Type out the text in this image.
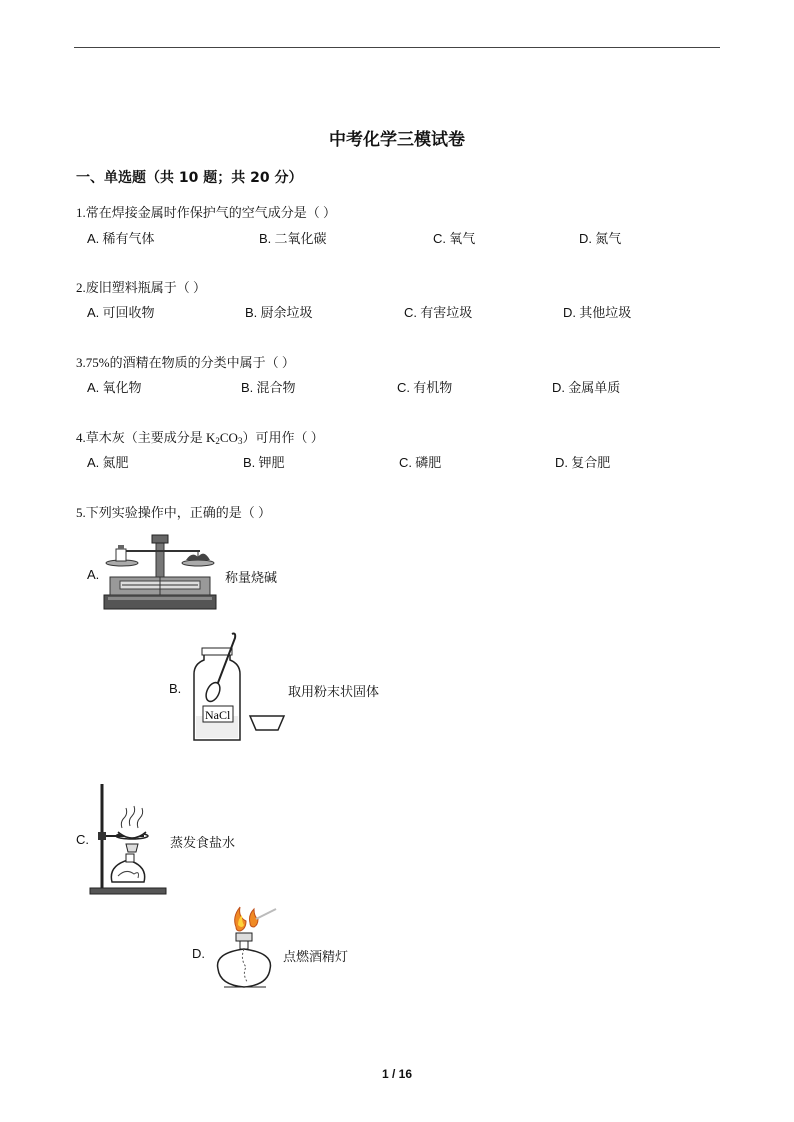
中考化学三模试卷
一、单选题（共 10 题；共 20 分）
1.常在焊接金属时作保护气的空气成分是（ ）
A. 稀有气体	B. 二氧化碳	C. 氧气	D. 氮气
2.废旧塑料瓶属于（ ）
A. 可回收物	B. 厨余垃圾	C. 有害垃圾	D. 其他垃圾
3.75%的酒精在物质的分类中属于（ ）
A. 氧化物	B. 混合物	C. 有机物	D. 金属单质
4.草木灰（主要成分是 $K_2CO_3$）可用作（ ）
A. 氮肥	B. 钾肥	C. 磷肥	D. 复合肥
5.下列实验操作中，正确的是（ ）
A.	称量烧碱
B.
NaCl
取用粉末状固体
C.	蒸发食盐水
D.	点燃酒精灯
1 / 16
